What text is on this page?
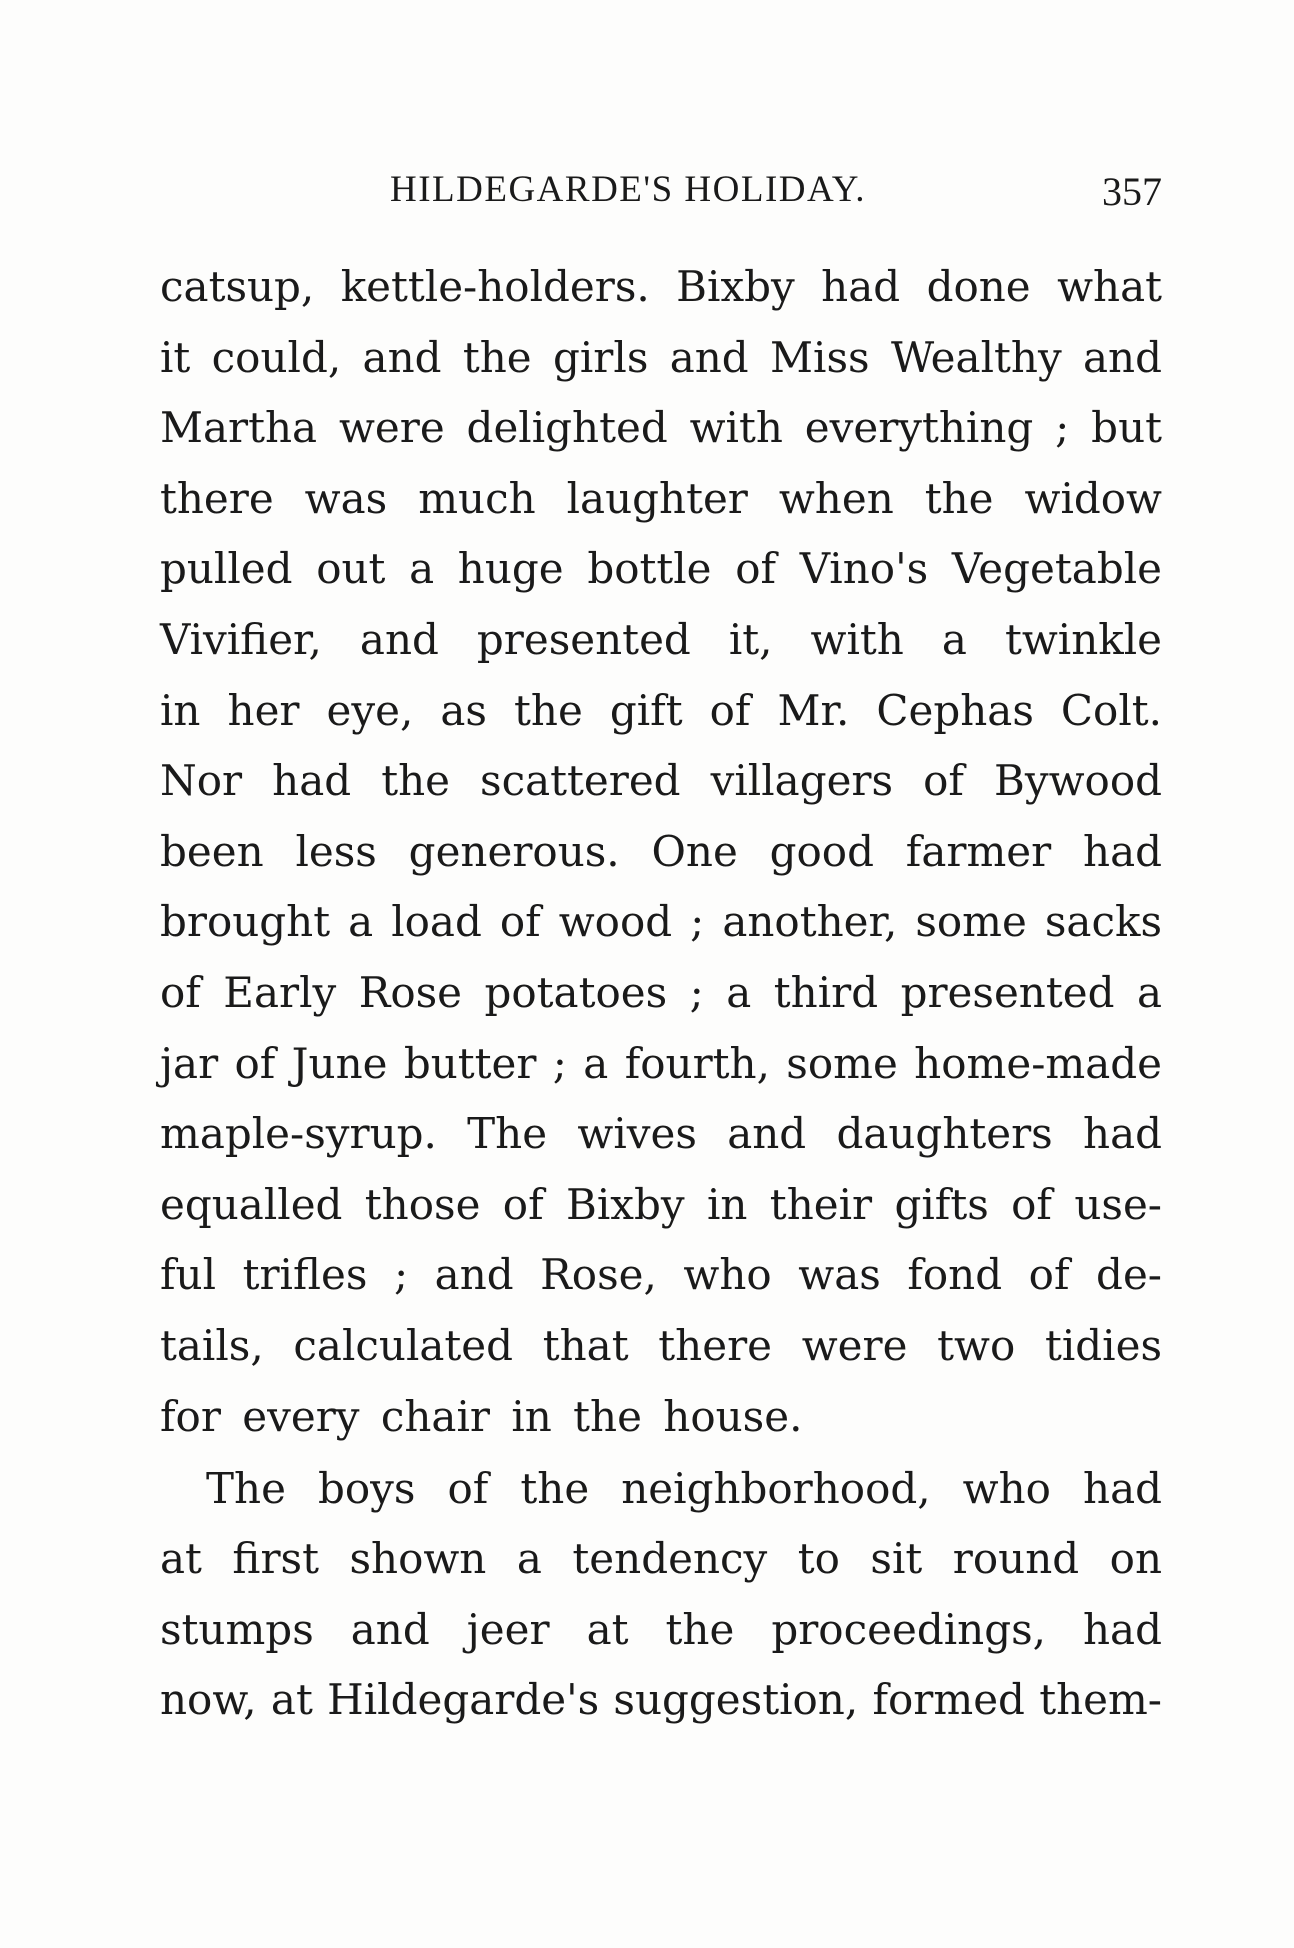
HILDEGARDE'S HOLIDAY.	357
catsup, kettle-holders. Bixby had done what
it could, and the girls and Miss Wealthy and
Martha were delighted with everything ; but
there was much laughter when the widow
pulled out a huge bottle of Vino's Vegetable
Vivifier, and presented it, with a twinkle
in her eye, as the gift of Mr. Cephas Colt.
Nor had the scattered villagers of Bywood
been less generous. One good farmer had
brought a load of wood ; another, some sacks
of Early Rose potatoes ; a third presented a
jar of June butter ; a fourth, some home-made
maple-syrup. The wives and daughters had
equalled those of Bixby in their gifts of use-
ful trifles ; and Rose, who was fond of de-
tails, calculated that there were two tidies
for every chair in the house.
The boys of the neighborhood, who had
at first shown a tendency to sit round on
stumps and jeer at the proceedings, had
now, at Hildegarde's suggestion, formed them-
